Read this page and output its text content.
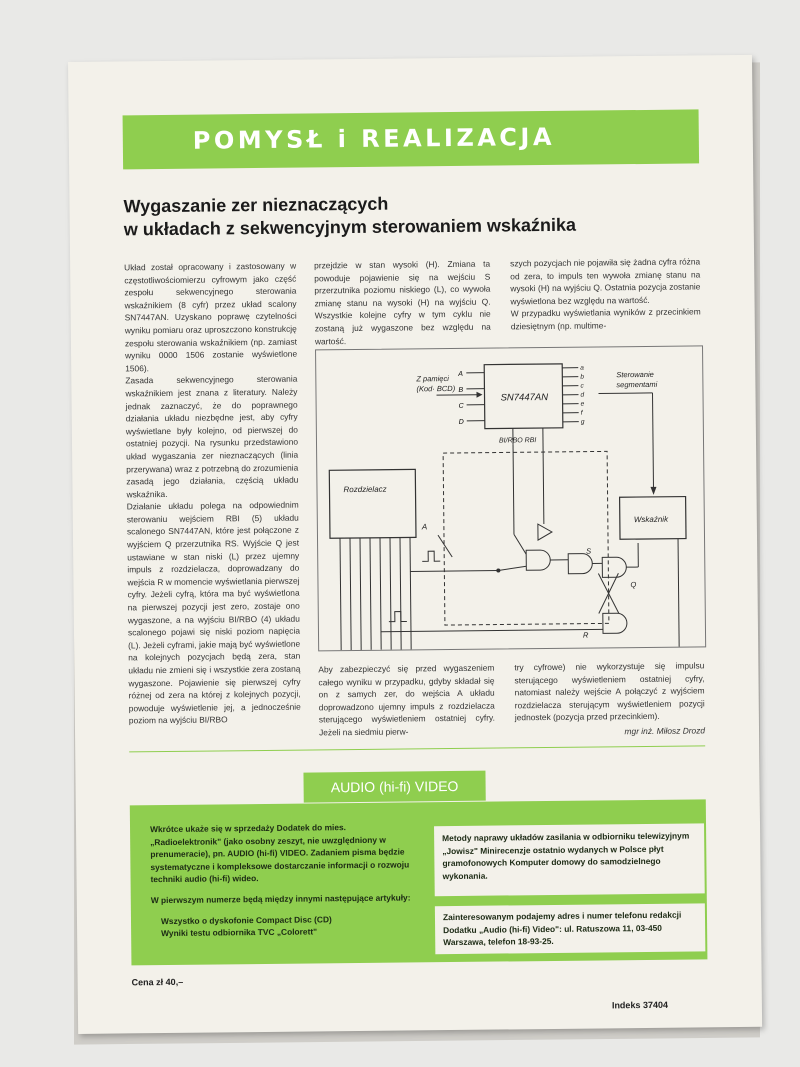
POMYSŁ i REALIZACJA
Wygaszanie zer nieznaczących
w układach z sekwencyjnym sterowaniem wskaźnika

Układ został opracowany i zastosowany w częstotliwościomierzu cyfrowym jako część zespołu sekwencyjnego sterowania wskaźnikiem (8 cyfr) przez układ scalony SN7447AN. Uzyskano poprawę czytelności wyniku pomiaru oraz uproszczono konstrukcję zespołu sterowania wskaźnikiem (np. zamiast wyniku 0000 1506 zostanie wyświetlone 1506).

Zasada sekwencyjnego sterowania wskaźnikiem jest znana z literatury. Należy jednak zaznaczyć, że do poprawnego działania układu niezbędne jest, aby cyfry wyświetlane były kolejno, od pierwszej do ostatniej pozycji. Na rysunku przedstawiono układ wygaszania zer nieznaczących (linia przerywana) wraz z potrzebną do zrozumienia zasadą jego działania, częścią układu wskaźnika.

Działanie układu polega na odpowiednim sterowaniu wejściem RBI (5) układu scalonego SN7447AN, które jest połączone z wyjściem Q przerzutnika RS. Wyjście Q jest ustawiane w stan niski (L) przez ujemny impuls z rozdzielacza, doprowadzany do wejścia R w momencie wyświetlania pierwszej cyfry. Jeżeli cyfrą, która ma być wyświetlona na pierwszej pozycji jest zero, zostaje ono wygaszone, a na wyjściu BI/RBO (4) układu scalonego pojawi się niski poziom napięcia (L). Jeżeli cyframi, jakie mają być wyświetlone na kolejnych pozycjach będą zera, stan układu nie zmieni się i wszystkie zera zostaną wygaszone. Pojawienie się pierwszej cyfry różnej od zera na której z kolejnych pozycji, powoduje wyświetlenie jej, a jednocześnie poziom na wyjściu BI/RBO

przejdzie w stan wysoki (H). Zmiana ta powoduje pojawienie się na wejściu S przerzutnika poziomu niskiego (L), co wywoła zmianę stanu na wysoki (H) na wyjściu Q. Wszystkie kolejne cyfry w tym cyklu nie zostaną już wygaszone bez względu na wartość.

szych pozycjach nie pojawiła się żadna cyfra różna od zera, to impuls ten wywoła zmianę stanu na wysoki (H) na wyjściu Q. Ostatnia pozycja zostanie wyświetlona bez względu na wartość.

W przypadku wyświetlania wyników z przecinkiem dziesiętnym (np. multime-

SN7447AN
Z pamięci
(Kod· BCD)
A
B
C
D
a
b
c
d
e
f
g
BI/RBO RBI
Sterowanie
segmentami
Wskaźnik
Rozdzielacz
A
S
R
Q

Aby zabezpieczyć się przed wygaszeniem całego wyniku w przypadku, gdyby składał się on z samych zer, do wejścia A układu doprowadzono ujemny impuls z rozdzielacza sterującego wyświetleniem ostatniej cyfry. Jeżeli na siedmiu pierw-

try cyfrowe) nie wykorzystuje się impulsu sterującego wyświetleniem ostatniej cyfry, natomiast należy wejście A połączyć z wyjściem rozdzielacza sterującym wyświetleniem pozycji jednostek (pozycja przed przecinkiem).

mgr inż. Miłosz Drozd
AUDIO (hi-fi) VIDEO

Wkrótce ukaże się w sprzedaży Dodatek do mies. „Radioelektronik" (jako osobny zeszyt, nie uwzględniony w prenumeracie), pn. AUDIO (hi-fi) VIDEO. Zadaniem pisma będzie systematyczne i kompleksowe dostarczanie informacji o rozwoju techniki audio (hi-fi) wideo.

W pierwszym numerze będą między innymi następujące artykuły:

Wszystko o dyskofonie Compact Disc (CD)
Wyniki testu odbiornika TVC „Colorett"
Metody naprawy układów zasilania w odbiorniku telewizyjnym „Jowisz" Minirecenzje ostatnio wydanych w Polsce płyt gramofonowych Komputer domowy do samodzielnego wykonania.
Zainteresowanym podajemy adres i numer telefonu redakcji Dodatku „Audio (hi-fi) Video": ul. Ratuszowa 11, 03-450 Warszawa, telefon 18-93-25.
Cena zł 40,–
Indeks 37404
